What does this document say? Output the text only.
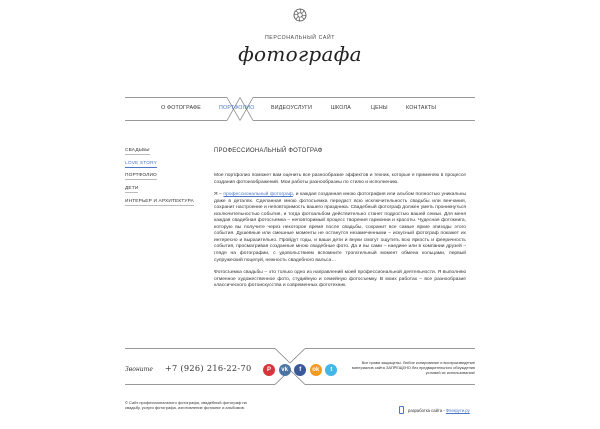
ПЕРСОНАЛЬНЫЙ САЙТ
фотографа
О ФОТОГРАФЕ	ПОРТФОЛИО	ВИДЕОУСЛУГИ	ШКОЛА	ЦЕНЫ	КОНТАКТЫ
СВАДЬБЫ
LOVE STORY
ПОРТФОЛИО
ДЕТИ
ИНТЕРЬЕР И АРХИТЕКТУРА
ПРОФЕССИОНАЛЬНЫЙ ФОТОГРАФ

Мое портфолио поможет вам оценить все разнообразие эффектов и техник, которые я применяю в процессе создания фотоизображений. Мои работы разнообразны по стилю и исполнению.

Я – профессиональный фотограф, и каждая созданная мною фотография или альбом полностью уникальны даже в деталях. Сделанная мною фотосъемка передаст всю исключительность свадьбы или венчания, сохранит настроение и неповторимость вашего праздника. Свадебный фотограф должен уметь проникнуться исключительностью события, и тогда фотоальбом действительно станет подростью вашей семьи. Для меня каждая свадебная фотосъемка – неповторимый процесс творения гармонии и красоты. Чудесная фотокнига, которую вы получите через некоторое время после свадьбы, сохранит все самые яркие эпизоды этого события. Душевные или смешные моменты не останутся незамеченными – искусный фотограф покажет их интересно и выразительно. Пройдут годы, и ваши дети и внуки смогут ощутить всю яркость и фееричность события, просматривая созданные мною свадебные фото. Да и вы сами – наедине или в компании друзей – глядя на фотографии, с удовольствием вспомните трогательный момент обмена кольцами, первый супружеский поцелуй, нежность свадебного вальса…

Фотосъемка свадьбы – это только одно из направлений моей профессиональной деятельности. Я выполняю отменное художественное фото, студийную и семейную фотосъемку. В моих работах – все разнообразие классического фотоискусства и современных фототехник.

Звоните +7 (926) 216-22-70	P	vk	f	ok	t
Все права защищены. Любое копирование и воспроизведение материалов сайта ЗАПРЕЩЕНО без предварительного обсуждения условий их использования!
© Сайт профессионального фотографа, свадебный фотограф на свадьбу, услуги фотографа, изготовление фотокниг и альбомов.	разработка сайта -
Флекрути.ру
